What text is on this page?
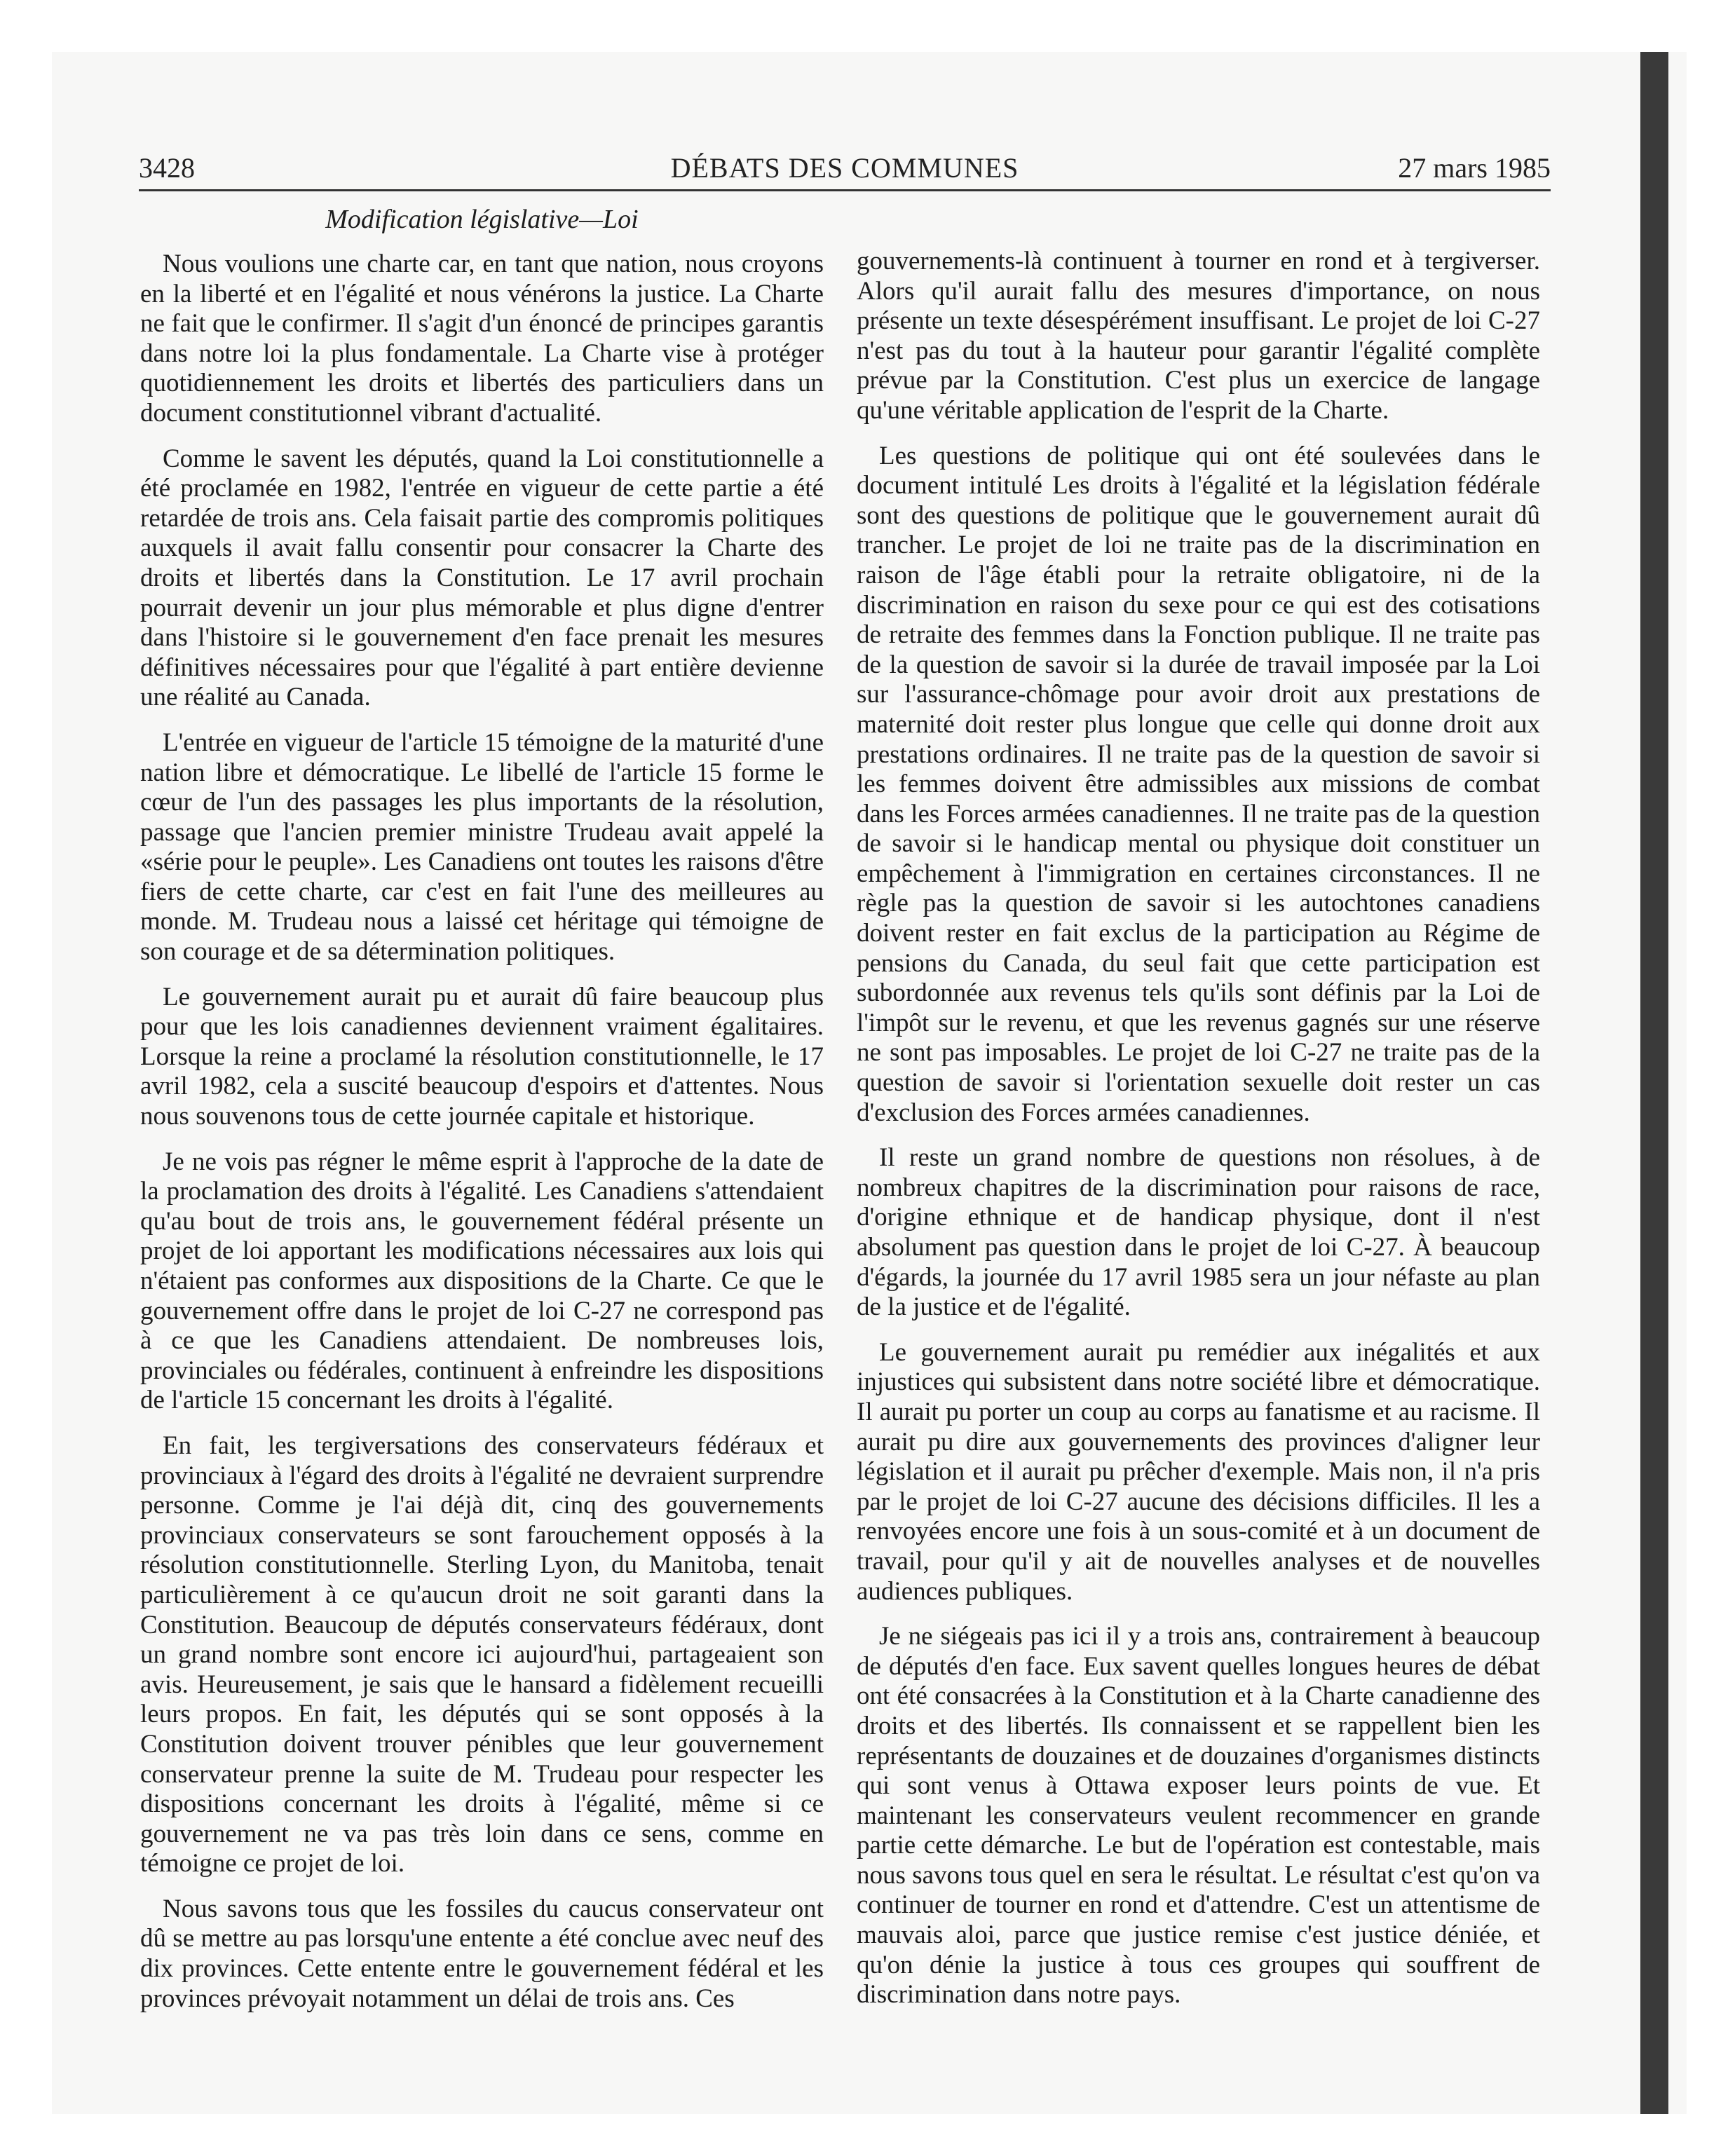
3428	DÉBATS DES COMMUNES	27 mars 1985
Modification législative—Loi

Nous voulions une charte car, en tant que nation, nous croyons en la liberté et en l'égalité et nous vénérons la justice. La Charte ne fait que le confirmer. Il s'agit d'un énoncé de principes garantis dans notre loi la plus fondamentale. La Charte vise à protéger quotidiennement les droits et libertés des particuliers dans un document constitutionnel vibrant d'actualité.

Comme le savent les députés, quand la Loi constitutionnelle a été proclamée en 1982, l'entrée en vigueur de cette partie a été retardée de trois ans. Cela faisait partie des compromis politiques auxquels il avait fallu consentir pour consacrer la Charte des droits et libertés dans la Constitution. Le 17 avril prochain pourrait devenir un jour plus mémorable et plus digne d'entrer dans l'histoire si le gouvernement d'en face prenait les mesures définitives nécessaires pour que l'égalité à part entière devienne une réalité au Canada.

L'entrée en vigueur de l'article 15 témoigne de la maturité d'une nation libre et démocratique. Le libellé de l'article 15 forme le cœur de l'un des passages les plus importants de la résolution, passage que l'ancien premier ministre Trudeau avait appelé la «série pour le peuple». Les Canadiens ont toutes les raisons d'être fiers de cette charte, car c'est en fait l'une des meilleures au monde. M. Trudeau nous a laissé cet héritage qui témoigne de son courage et de sa détermination politiques.

Le gouvernement aurait pu et aurait dû faire beaucoup plus pour que les lois canadiennes deviennent vraiment égalitaires. Lorsque la reine a proclamé la résolution constitutionnelle, le 17 avril 1982, cela a suscité beaucoup d'espoirs et d'attentes. Nous nous souvenons tous de cette journée capitale et historique.

Je ne vois pas régner le même esprit à l'approche de la date de la proclamation des droits à l'égalité. Les Canadiens s'attendaient qu'au bout de trois ans, le gouvernement fédéral présente un projet de loi apportant les modifications nécessaires aux lois qui n'étaient pas conformes aux dispositions de la Charte. Ce que le gouvernement offre dans le projet de loi C-27 ne correspond pas à ce que les Canadiens attendaient. De nombreuses lois, provinciales ou fédérales, continuent à enfreindre les dispositions de l'article 15 concernant les droits à l'égalité.

En fait, les tergiversations des conservateurs fédéraux et provinciaux à l'égard des droits à l'égalité ne devraient surprendre personne. Comme je l'ai déjà dit, cinq des gouvernements provinciaux conservateurs se sont farouchement opposés à la résolution constitutionnelle. Sterling Lyon, du Manitoba, tenait particulièrement à ce qu'aucun droit ne soit garanti dans la Constitution. Beaucoup de députés conservateurs fédéraux, dont un grand nombre sont encore ici aujourd'hui, partageaient son avis. Heureusement, je sais que le hansard a fidèlement recueilli leurs propos. En fait, les députés qui se sont opposés à la Constitution doivent trouver pénibles que leur gouvernement conservateur prenne la suite de M. Trudeau pour respecter les dispositions concernant les droits à l'égalité, même si ce gouvernement ne va pas très loin dans ce sens, comme en témoigne ce projet de loi.

Nous savons tous que les fossiles du caucus conservateur ont dû se mettre au pas lorsqu'une entente a été conclue avec neuf des dix provinces. Cette entente entre le gouvernement fédéral et les provinces prévoyait notamment un délai de trois ans. Ces

gouvernements-là continuent à tourner en rond et à tergiverser. Alors qu'il aurait fallu des mesures d'importance, on nous présente un texte désespérément insuffisant. Le projet de loi C-27 n'est pas du tout à la hauteur pour garantir l'égalité complète prévue par la Constitution. C'est plus un exercice de langage qu'une véritable application de l'esprit de la Charte.

Les questions de politique qui ont été soulevées dans le document intitulé Les droits à l'égalité et la législation fédérale sont des questions de politique que le gouvernement aurait dû trancher. Le projet de loi ne traite pas de la discrimination en raison de l'âge établi pour la retraite obligatoire, ni de la discrimination en raison du sexe pour ce qui est des cotisations de retraite des femmes dans la Fonction publique. Il ne traite pas de la question de savoir si la durée de travail imposée par la Loi sur l'assurance-chômage pour avoir droit aux prestations de maternité doit rester plus longue que celle qui donne droit aux prestations ordinaires. Il ne traite pas de la question de savoir si les femmes doivent être admissibles aux missions de combat dans les Forces armées canadiennes. Il ne traite pas de la question de savoir si le handicap mental ou physique doit constituer un empêchement à l'immigration en certaines circonstances. Il ne règle pas la question de savoir si les autochtones canadiens doivent rester en fait exclus de la participation au Régime de pensions du Canada, du seul fait que cette participation est subordonnée aux revenus tels qu'ils sont définis par la Loi de l'impôt sur le revenu, et que les revenus gagnés sur une réserve ne sont pas imposables. Le projet de loi C-27 ne traite pas de la question de savoir si l'orientation sexuelle doit rester un cas d'exclusion des Forces armées canadiennes.

Il reste un grand nombre de questions non résolues, à de nombreux chapitres de la discrimination pour raisons de race, d'origine ethnique et de handicap physique, dont il n'est absolument pas question dans le projet de loi C-27. À beaucoup d'égards, la journée du 17 avril 1985 sera un jour néfaste au plan de la justice et de l'égalité.

Le gouvernement aurait pu remédier aux inégalités et aux injustices qui subsistent dans notre société libre et démocratique. Il aurait pu porter un coup au corps au fanatisme et au racisme. Il aurait pu dire aux gouvernements des provinces d'aligner leur législation et il aurait pu prêcher d'exemple. Mais non, il n'a pris par le projet de loi C-27 aucune des décisions difficiles. Il les a renvoyées encore une fois à un sous-comité et à un document de travail, pour qu'il y ait de nouvelles analyses et de nouvelles audiences publiques.

Je ne siégeais pas ici il y a trois ans, contrairement à beaucoup de députés d'en face. Eux savent quelles longues heures de débat ont été consacrées à la Constitution et à la Charte canadienne des droits et des libertés. Ils connaissent et se rappellent bien les représentants de douzaines et de douzaines d'organismes distincts qui sont venus à Ottawa exposer leurs points de vue. Et maintenant les conservateurs veulent recommencer en grande partie cette démarche. Le but de l'opération est contestable, mais nous savons tous quel en sera le résultat. Le résultat c'est qu'on va continuer de tourner en rond et d'attendre. C'est un attentisme de mauvais aloi, parce que justice remise c'est justice déniée, et qu'on dénie la justice à tous ces groupes qui souffrent de discrimination dans notre pays.
